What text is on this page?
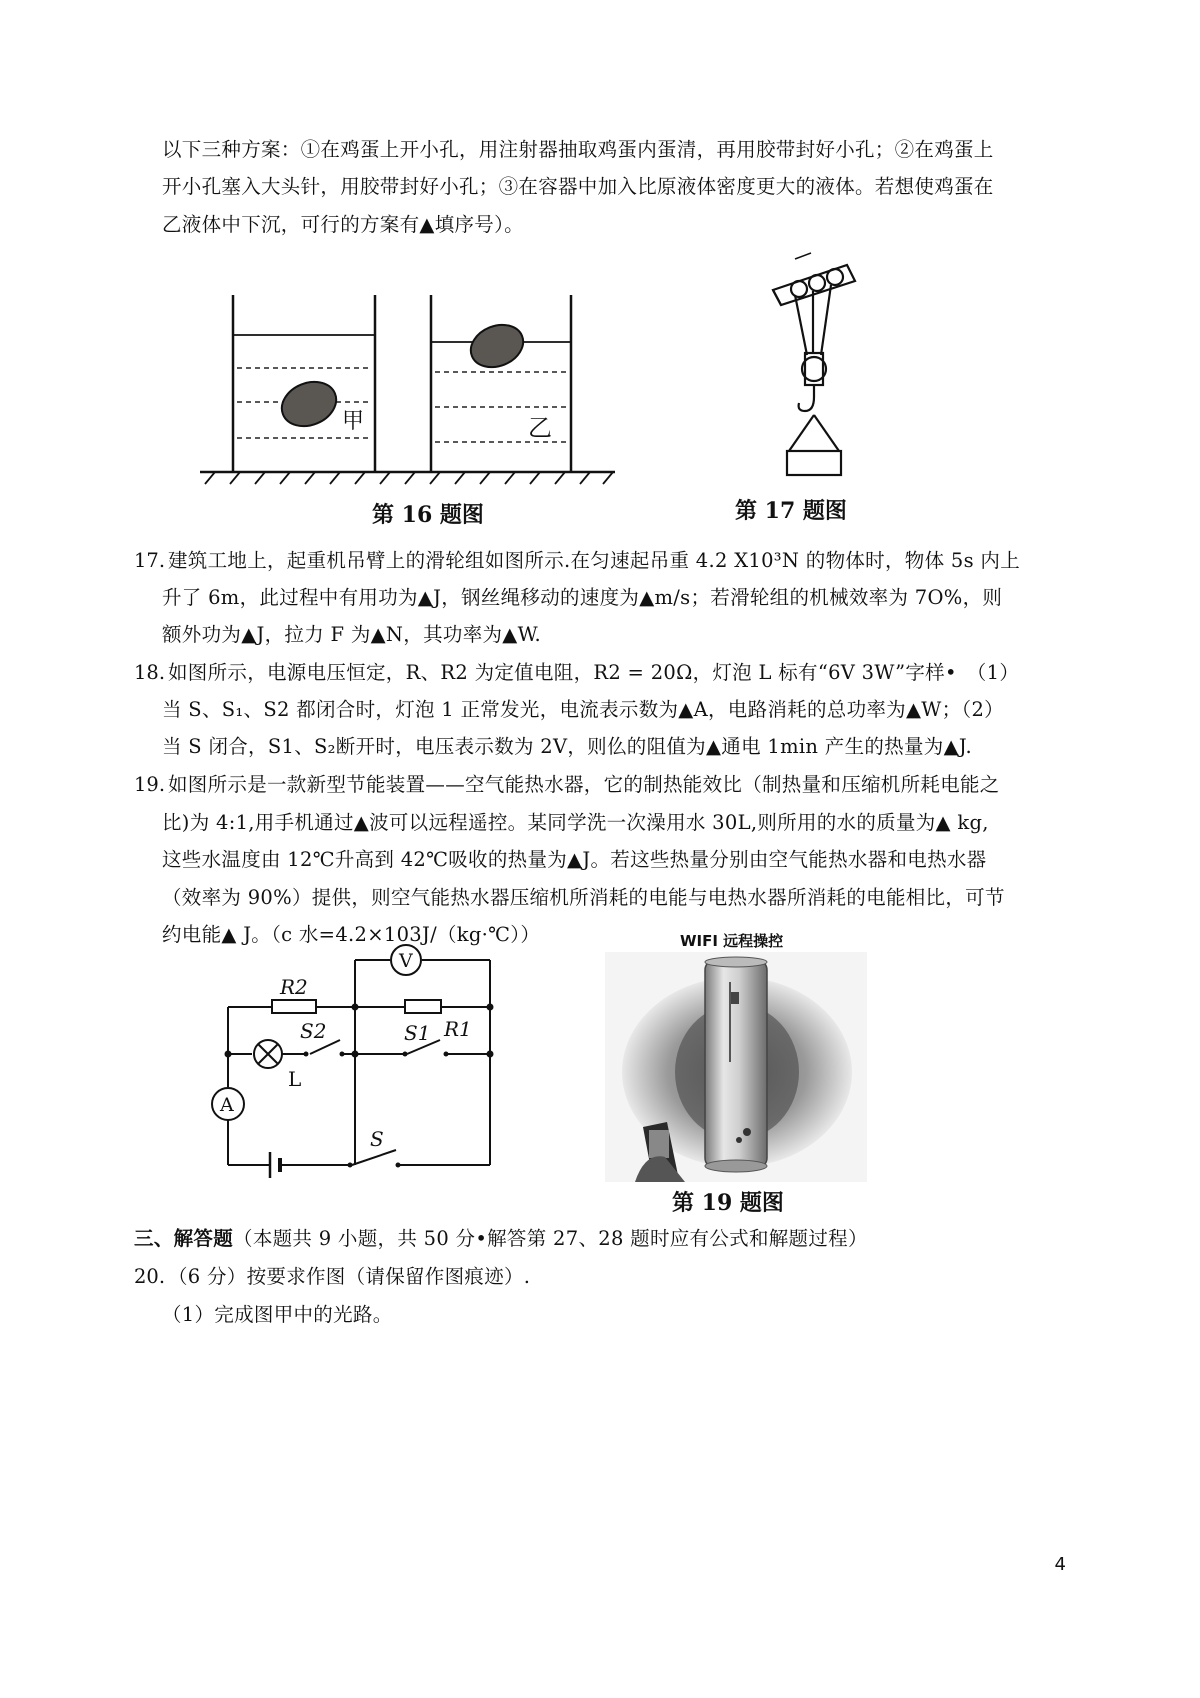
以下三种方案：①在鸡蛋上开小孔，用注射器抽取鸡蛋内蛋清，再用胶带封好小孔；②在鸡蛋上
开小孔塞入大头针，用胶带封好小孔；③在容器中加入比原液体密度更大的液体。若想使鸡蛋在
乙液体中下沉，可行的方案有▲填序号）。
甲	乙
第 16 题图	第 17 题图
17. 建筑工地上，起重机吊臂上的滑轮组如图所示.在匀速起吊重 4.2 X10³N 的物体时，物体 5s 内上
升了 6m，此过程中有用功为▲J，钢丝绳移动的速度为▲m/s；若滑轮组的机械效率为 7O%，则
额外功为▲J，拉力 F 为▲N，其功率为▲W.
18. 如图所示，电源电压恒定，R、R2 为定值电阻，R2 = 20Ω，灯泡 L 标有“6V 3W”字样•　（1）
当 S、S₁、S2 都闭合时，灯泡 1 正常发光，电流表示数为▲A，电路消耗的总功率为▲W；（2）
当 S 闭合，S1、S₂断开时，电压表示数为 2V，则仫的阻值为▲通电 1min 产生的热量为▲J.
19. 如图所示是一款新型节能装置——空气能热水器，它的制热能效比（制热量和压缩机所耗电能之
比)为 4:1,用手机通过▲波可以远程遥控。某同学洗一次澡用水 30L,则所用的水的质量为▲ kg,
这些水温度由 12℃升高到 42℃吸收的热量为▲J。若这些热量分别由空气能热水器和电热水器
（效率为 90%）提供，则空气能热水器压缩机所消耗的电能与电热水器所消耗的电能相比，可节
约电能▲ J。（c 水=4.2×103J/（kg·℃））
V
A
R2
R1
S2	S1
L
S
WIFI 远程操控
第 19 题图
三、解答题（本题共 9 小题，共 50 分•解答第 27、28 题时应有公式和解题过程）
20. （6 分）按要求作图（请保留作图痕迹）.
（1）完成图甲中的光路。
4
